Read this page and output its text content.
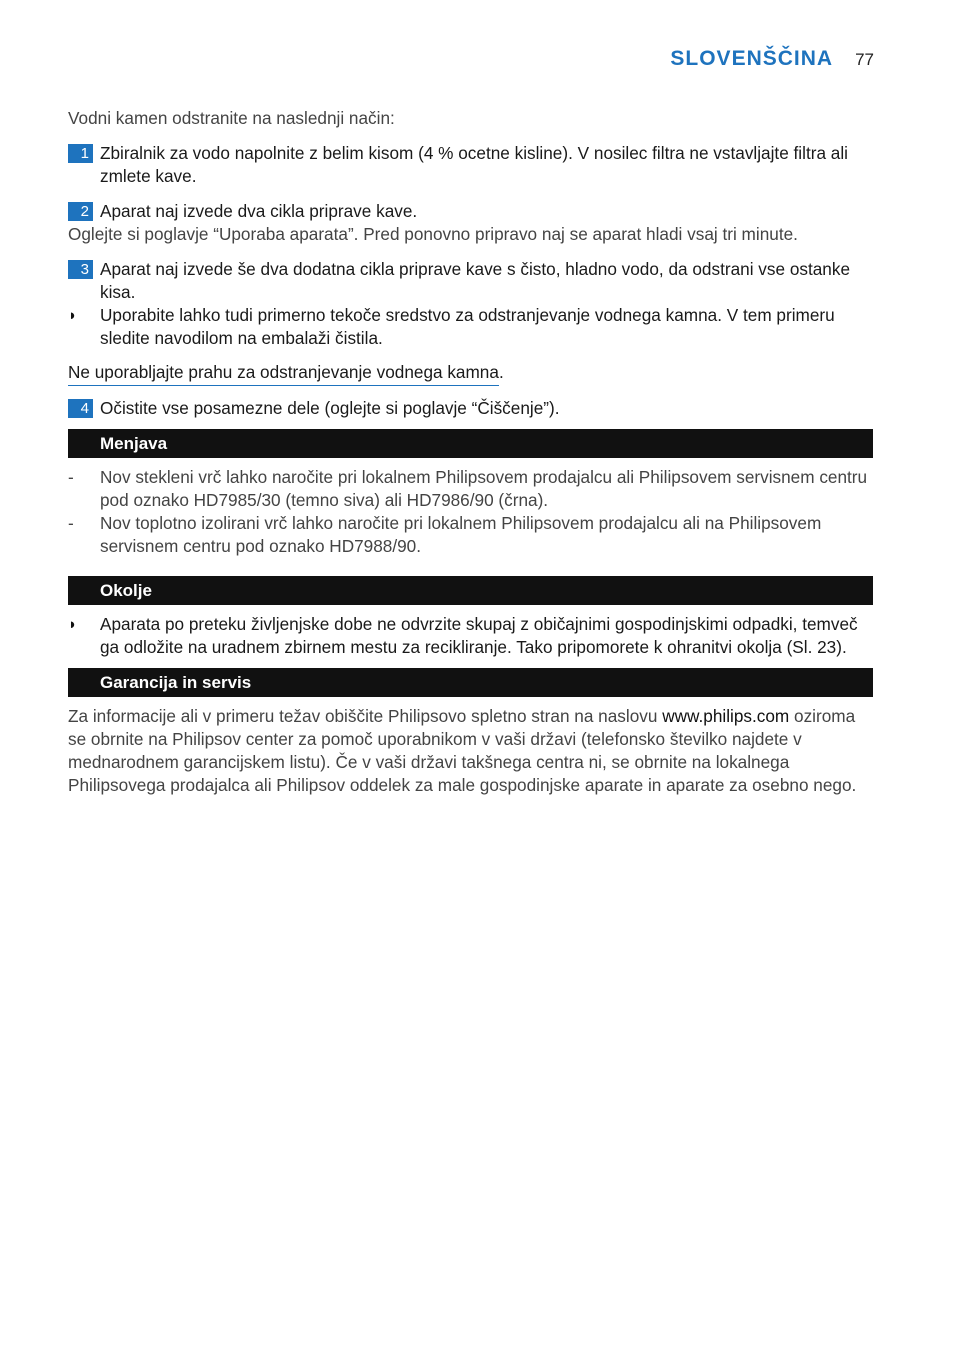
SLOVENŠČINA 77

Vodni kamen odstranite na naslednji način:

1 Zbiralnik za vodo napolnite z belim kisom (4 % ocetne kisline). V nosilec filtra ne vstavljajte filtra ali zmlete kave.
2 Aparat naj izvede dva cikla priprave kave.

Oglejte si poglavje “Uporaba aparata”. Pred ponovno pripravo naj se aparat hladi vsaj tri minute.

3 Aparat naj izvede še dva dodatna cikla priprave kave s čisto, hladno vodo, da odstrani vse ostanke kisa.
◗ Uporabite lahko tudi primerno tekoče sredstvo za odstranjevanje vodnega kamna. V tem primeru sledite navodilom na embalaži čistila.

Ne uporabljajte prahu za odstranjevanje vodnega kamna.

4 Očistite vse posamezne dele (oglejte si poglavje “Čiščenje”).
Menjava
- Nov stekleni vrč lahko naročite pri lokalnem Philipsovem prodajalcu ali Philipsovem servisnem centru pod oznako HD7985/30 (temno siva) ali HD7986/90 (črna).
- Nov toplotno izolirani vrč lahko naročite pri lokalnem Philipsovem prodajalcu ali na Philipsovem servisnem centru pod oznako HD7988/90.
Okolje
◗ Aparata po preteku življenjske dobe ne odvrzite skupaj z običajnimi gospodinjskimi odpadki, temveč ga odložite na uradnem zbirnem mestu za recikliranje. Tako pripomorete k ohranitvi okolja (Sl. 23).
Garancija in servis

Za informacije ali v primeru težav obiščite Philipsovo spletno stran na naslovu www.philips.com oziroma se obrnite na Philipsov center za pomoč uporabnikom v vaši državi (telefonsko številko najdete v mednarodnem garancijskem listu). Če v vaši državi takšnega centra ni, se obrnite na lokalnega Philipsovega prodajalca ali Philipsov oddelek za male gospodinjske aparate in aparate za osebno nego.
